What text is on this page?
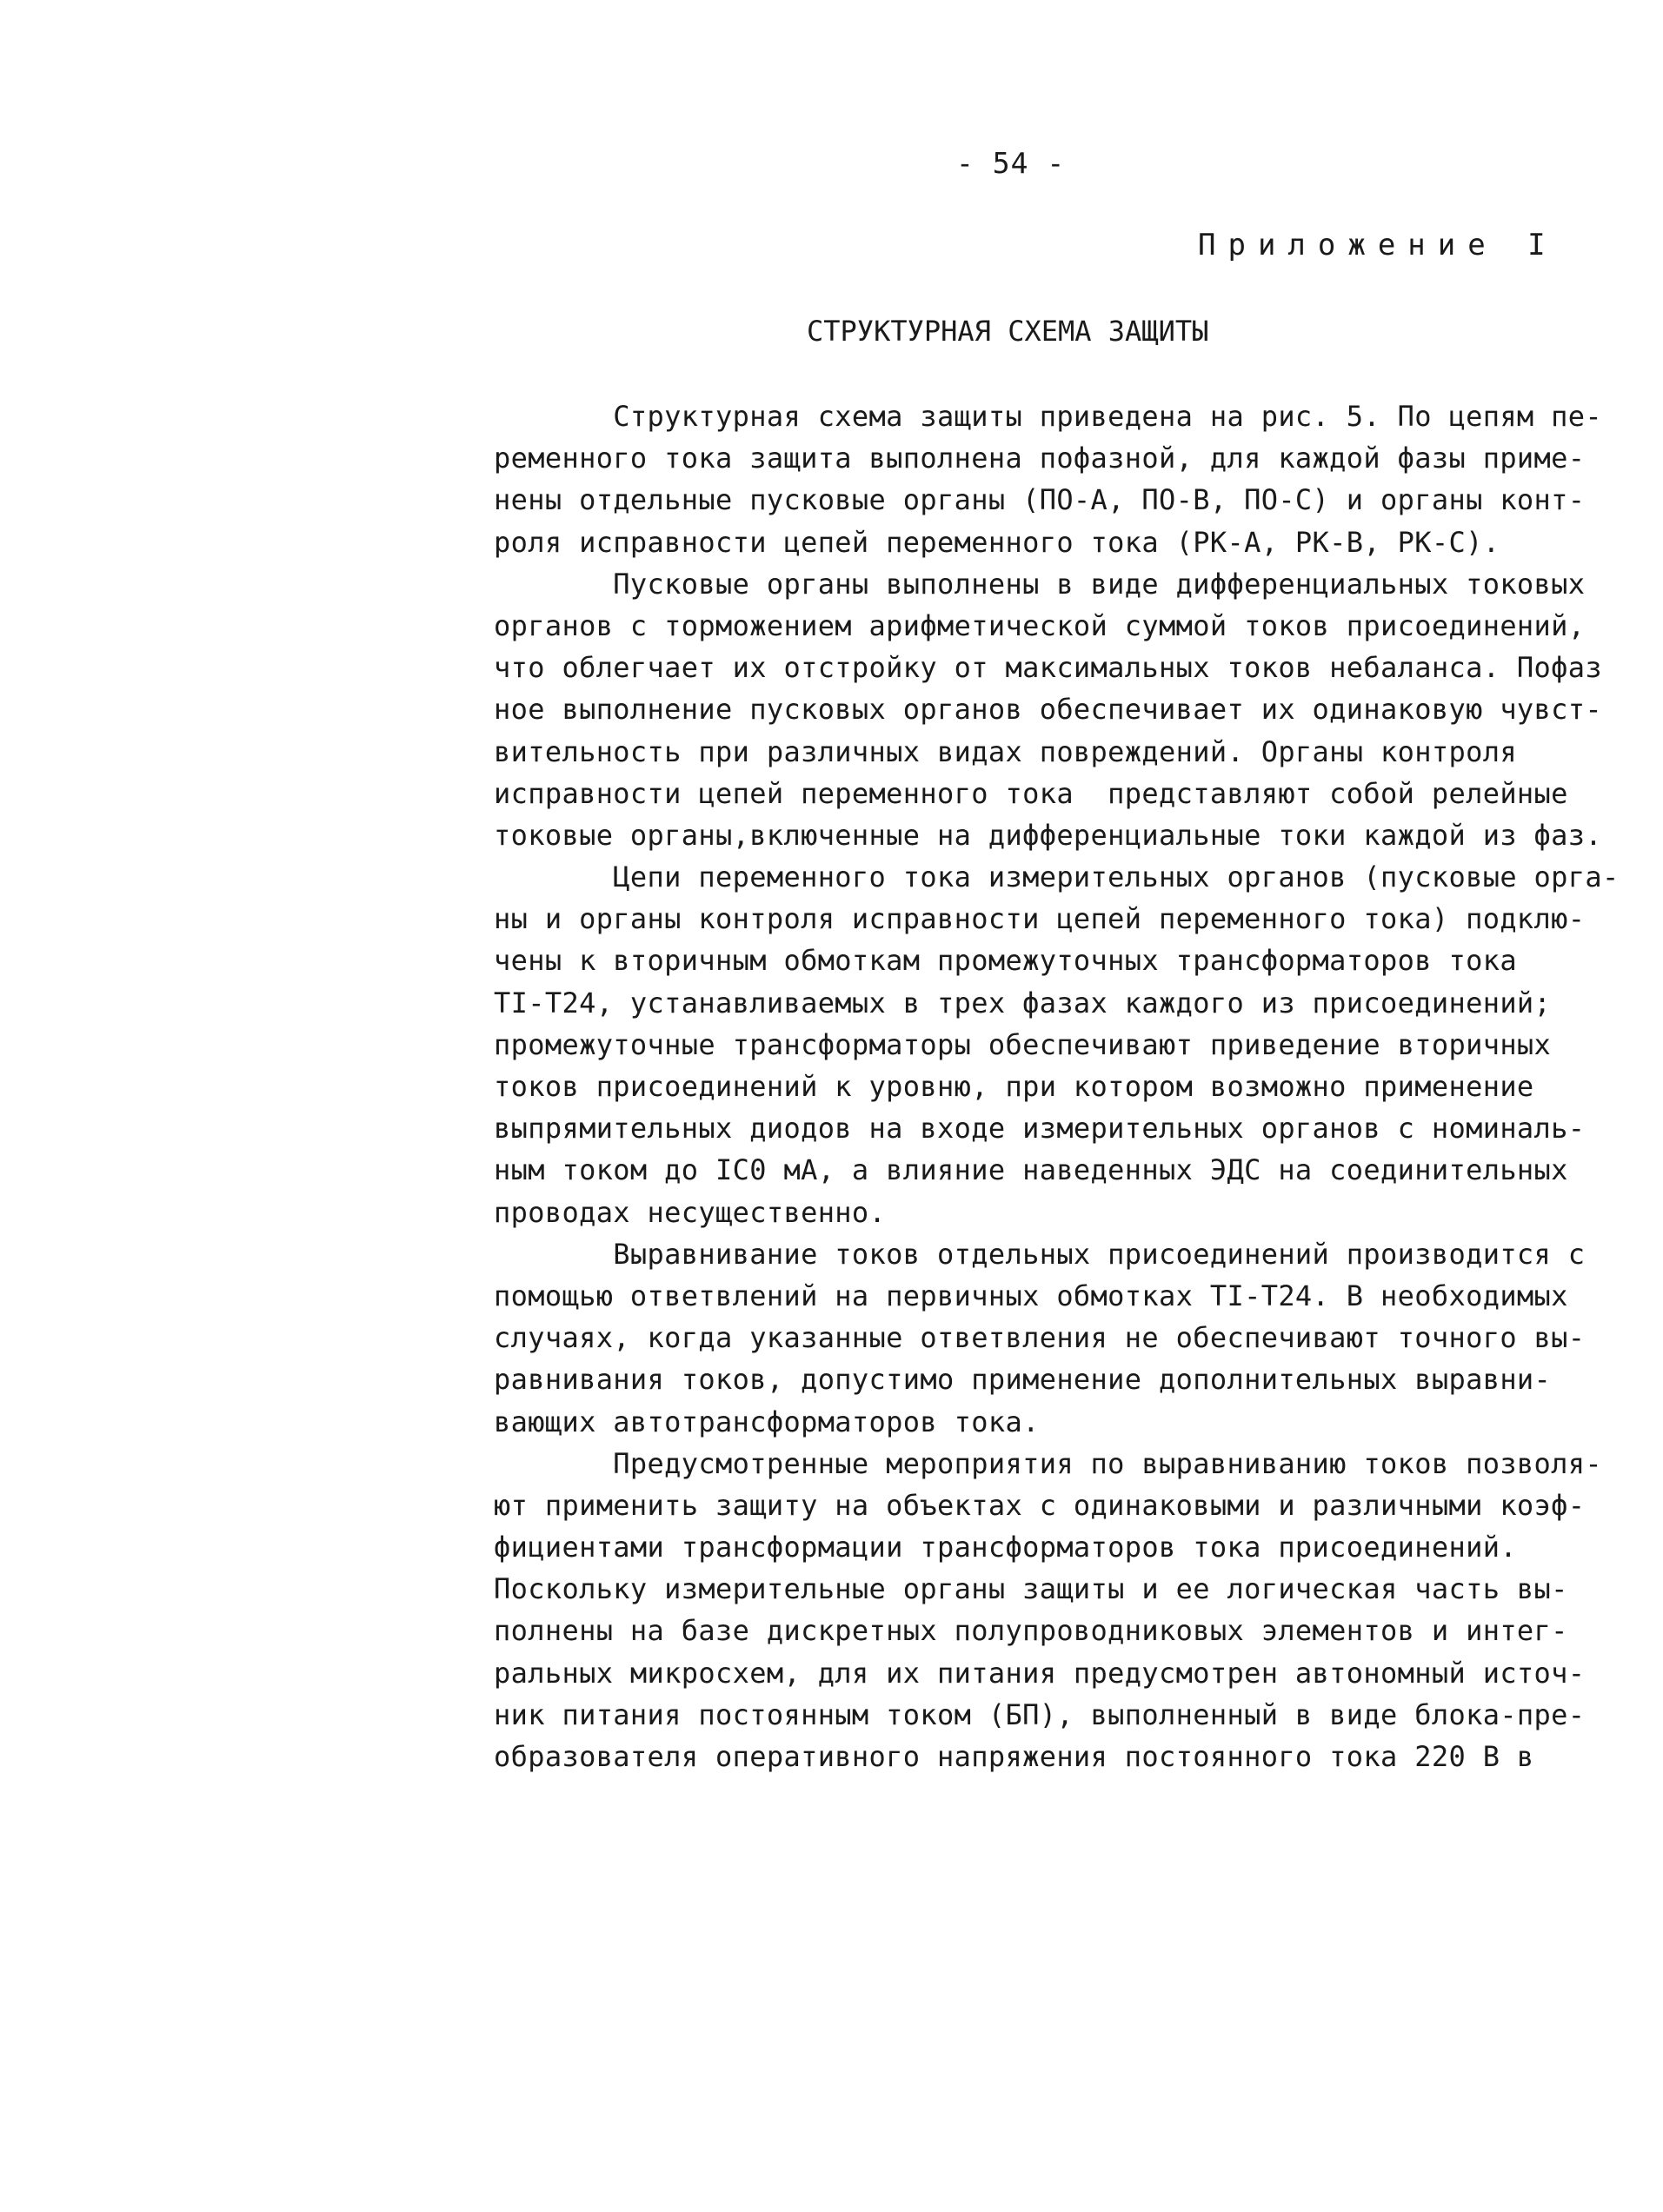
- 54 -
Приложение I
СТРУКТУРНАЯ СХЕМА ЗАЩИТЫ
Структурная схема защиты приведена на рис. 5. По цепям пе-
ременного тока защита выполнена пофазной, для каждой фазы приме-
нены отдельные пусковые органы (ПО-А, ПО-В, ПО-С) и органы конт-
роля исправности цепей переменного тока (РК-А, РК-В, РК-С).
Пусковые органы выполнены в виде дифференциальных токовых
органов с торможением арифметической суммой токов присоединений,
что облегчает их отстройку от максимальных токов небаланса. Пофаз
ное выполнение пусковых органов обеспечивает их одинаковую чувст-
вительность при различных видах повреждений. Органы контроля
исправности цепей переменного тока  представляют собой релейные
токовые органы,включенные на дифференциальные токи каждой из фаз.
Цепи переменного тока измерительных органов (пусковые орга-
ны и органы контроля исправности цепей переменного тока) подклю-
чены к вторичным обмоткам промежуточных трансформаторов тока
TI-T24, устанавливаемых в трех фазах каждого из присоединений;
промежуточные трансформаторы обеспечивают приведение вторичных
токов присоединений к уровню, при котором возможно применение
выпрямительных диодов на входе измерительных органов с номиналь-
ным током до IC0 мА, а влияние наведенных ЭДС на соединительных
проводах несущественно.
Выравнивание токов отдельных присоединений производится с
помощью ответвлений на первичных обмотках TI-T24. В необходимых
случаях, когда указанные ответвления не обеспечивают точного вы-
равнивания токов, допустимо применение дополнительных выравни-
вающих автотрансформаторов тока.
Предусмотренные мероприятия по выравниванию токов позволя-
ют применить защиту на объектах с одинаковыми и различными коэф-
фициентами трансформации трансформаторов тока присоединений.
Поскольку измерительные органы защиты и ее логическая часть вы-
полнены на базе дискретных полупроводниковых элементов и интег-
ральных микросхем, для их питания предусмотрен автономный источ-
ник питания постоянным током (БП), выполненный в виде блока-пре-
образователя оперативного напряжения постоянного тока 220 В в
